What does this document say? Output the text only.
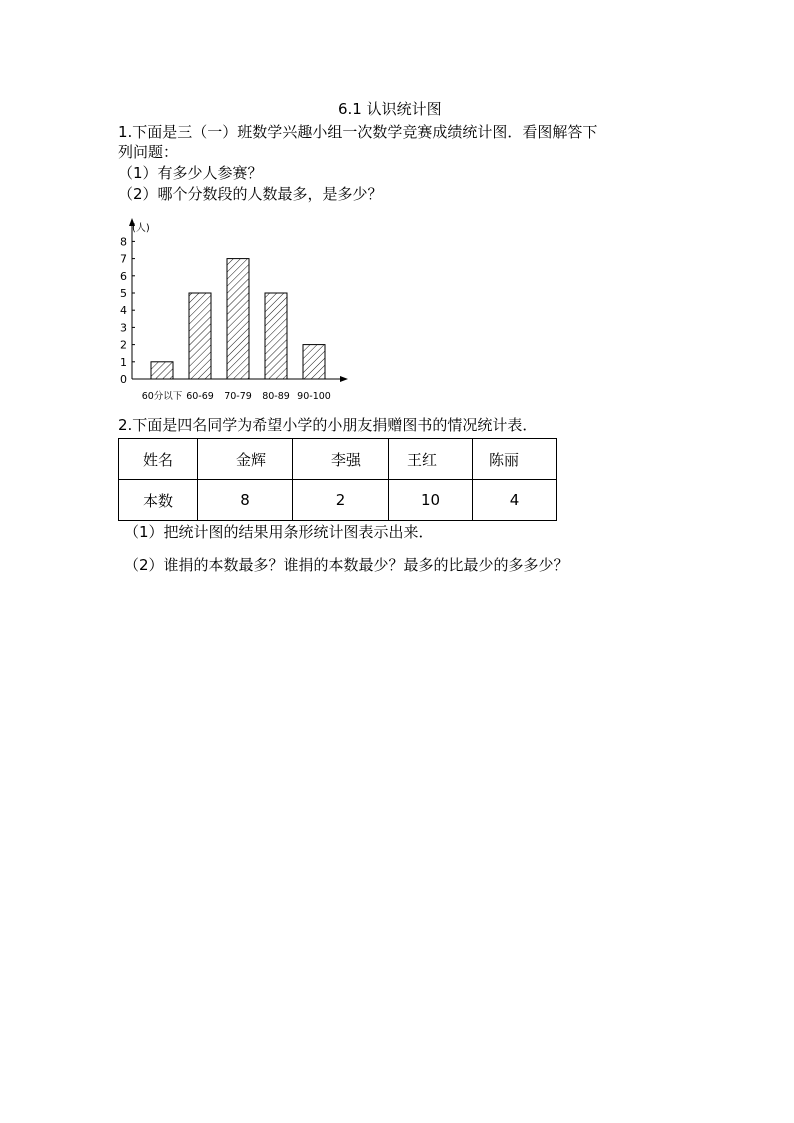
6.1 认识统计图
1.下面是三（一）班数学兴趣小组一次数学竞赛成绩统计图．看图解答下
列问题：
（1）有多少人参赛？
（2）哪个分数段的人数最多，是多少？
0
1
2
3
4
5
6
7
8
60分以下 60-69 70-79 80-89 90-100
(人)
2.下面是四名同学为希望小学的小朋友捐赠图书的情况统计表．
姓名	金辉	李强	王红	陈丽
本数	8	2	10	4
（1）把统计图的结果用条形统计图表示出来．
（2）谁捐的本数最多？谁捐的本数最少？最多的比最少的多多少？
